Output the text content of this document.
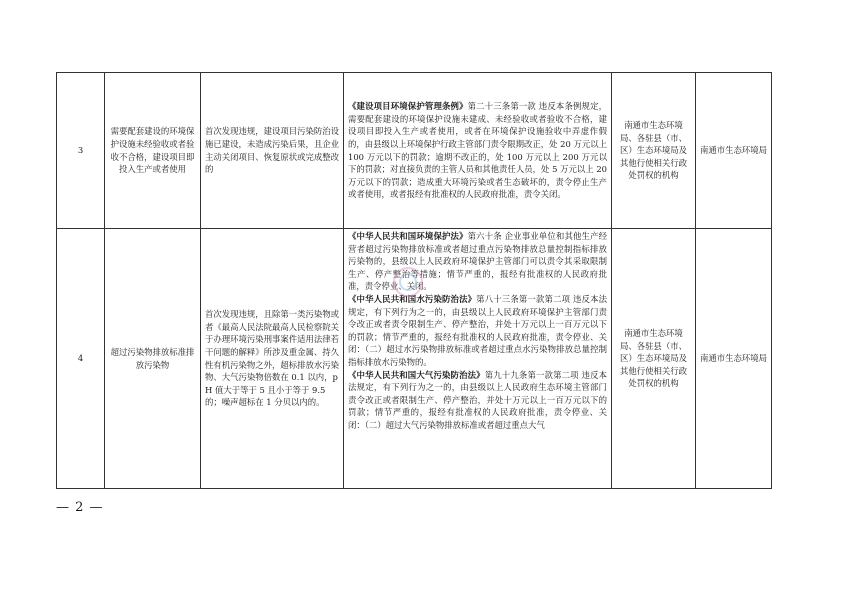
3	需要配套建设的环境保护设施未经验收或者验收不合格，建设项目即投入生产或者使用	首次发现违规，建设项目污染防治设施已建设，未造成污染后果，且企业主动关闭项目、恢复原状或完成整改的	《建设项目环境保护管理条例》第二十三条第一款 违反本条例规定，需要配套建设的环境保护设施未建成、未经验收或者验收不合格，建设项目即投入生产或者使用，或者在环境保护设施验收中弄虚作假的，由县级以上环境保护行政主管部门责令限期改正，处 20 万元以上 100 万元以下的罚款；逾期不改正的，处 100 万元以上 200 万元以下的罚款；对直接负责的主管人员和其他责任人员，处 5 万元以上 20 万元以下的罚款；造成重大环境污染或者生态破坏的，责令停止生产或者使用，或者报经有批准权的人民政府批准，责令关闭。	南通市生态环境局、各驻县（市、区）生态环境局及其他行使相关行政处罚权的机构	南通市生态环境局
4	超过污染物排放标准排放污染物	首次发现违规，且除第一类污染物或者《最高人民法院最高人民检察院关于办理环境污染刑事案件适用法律若干问题的解释》所涉及重金属、持久性有机污染物之外，超标排放水污染物、大气污染物倍数在 0.1 以内，pH 值大于等于 5 且小于等于 9.5 的；噪声超标在 1 分贝以内的。	《中华人民共和国环境保护法》第六十条 企业事业单位和其他生产经营者超过污染物排放标准或者超过重点污染物排放总量控制指标排放污染物的，县级以上人民政府环境保护主管部门可以责令其采取限制生产、停产整治等措施；情节严重的，报经有批准权的人民政府批准，责令停业、关闭。
《中华人民共和国水污染防治法》第八十三条第一款第二项 违反本法规定，有下列行为之一的，由县级以上人民政府环境保护主管部门责令改正或者责令限制生产、停产整治，并处十万元以上一百万元以下的罚款；情节严重的，报经有批准权的人民政府批准，责令停业、关闭：（二）超过水污染物排放标准或者超过重点水污染物排放总量控制指标排放水污染物的。
《中华人民共和国大气污染防治法》第九十九条第一款第二项 违反本法规定，有下列行为之一的，由县级以上人民政府生态环境主管部门责令改正或者限制生产、停产整治，并处十万元以上一百万元以下的罚款；情节严重的，报经有批准权的人民政府批准，责令停业、关闭：（二）超过大气污染物排放标准或者超过重点大气	南通市生态环境局、各驻县（市、区）生态环境局及其他行使相关行政处罚权的机构	南通市生态环境局
— 2 —
